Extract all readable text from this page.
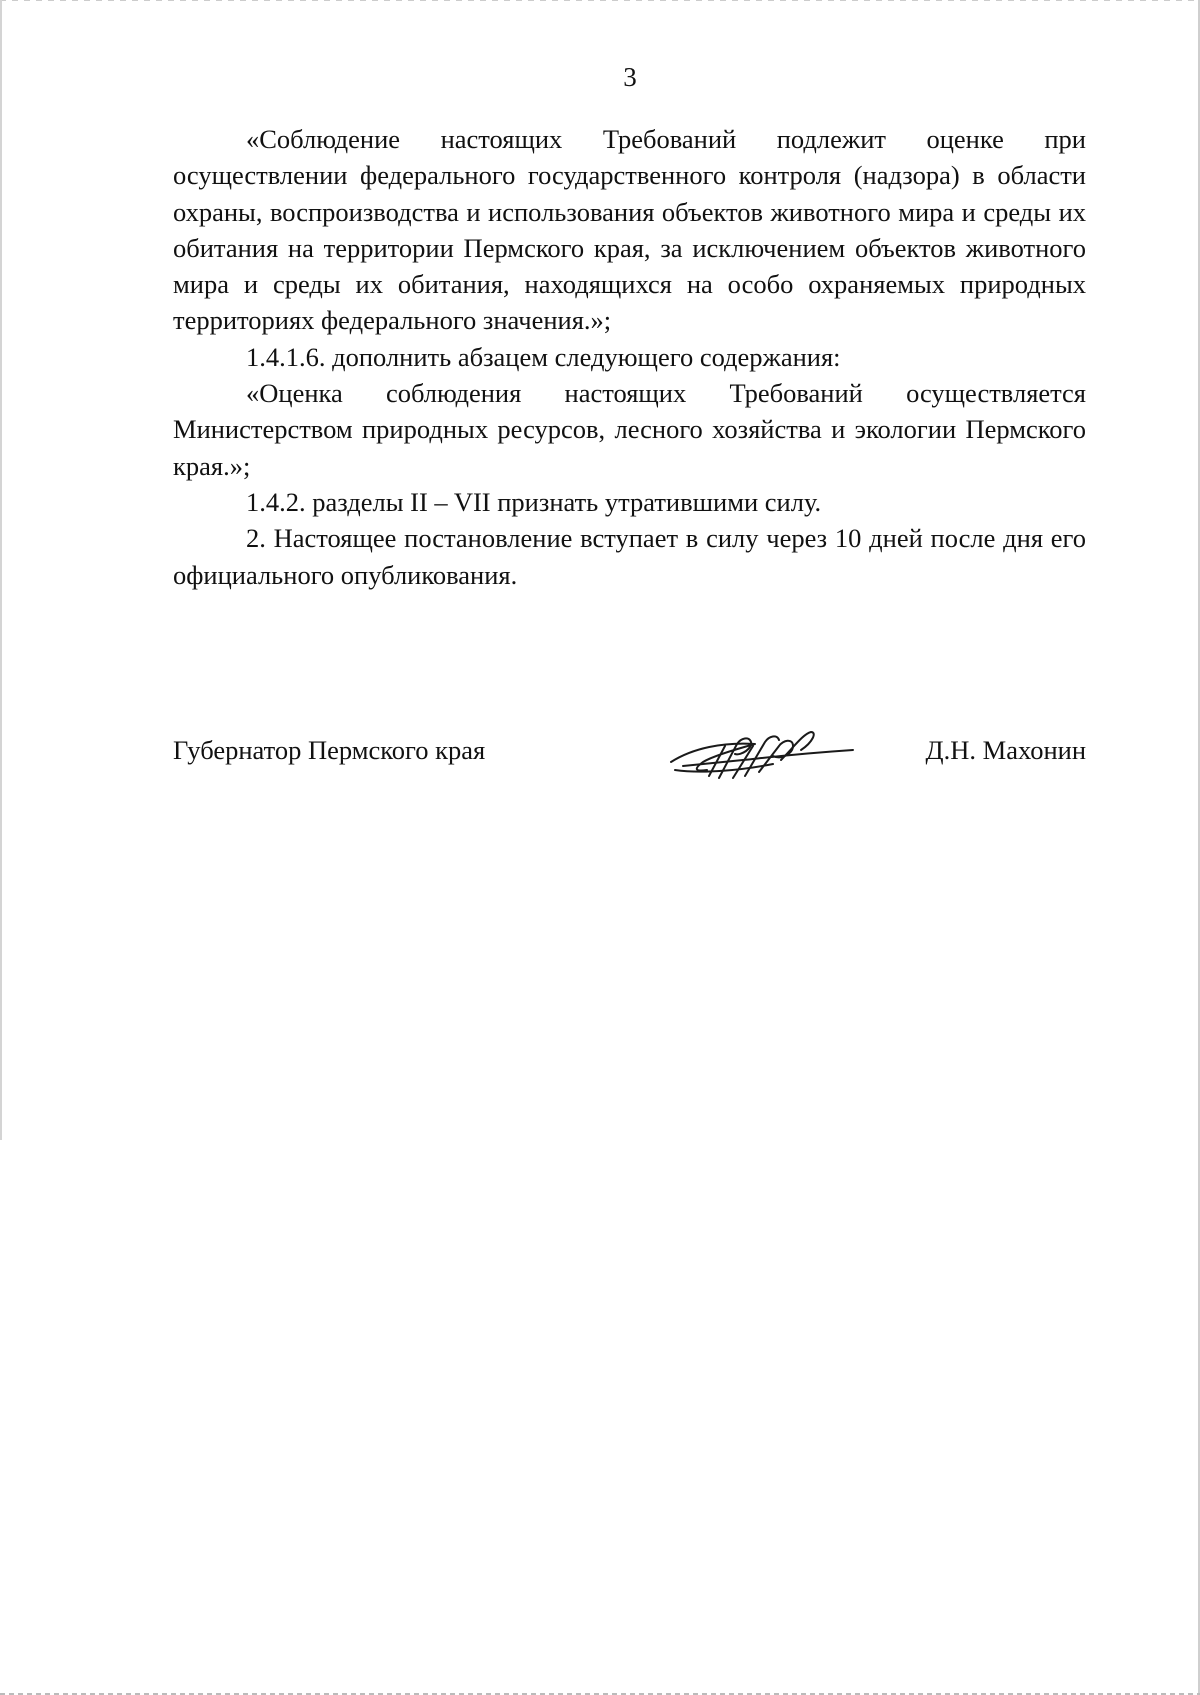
3

«Соблюдение настоящих Требований подлежит оценке при осуществлении федерального государственного контроля (надзора) в области охраны, воспроизводства и использования объектов животного мира и среды их обитания на территории Пермского края, за исключением объектов животного мира и среды их обитания, находящихся на особо охраняемых природных территориях федерального значения.»;

1.4.1.6. дополнить абзацем следующего содержания:

«Оценка соблюдения настоящих Требований осуществляется Министерством природных ресурсов, лесного хозяйства и экологии Пермского края.»;

1.4.2. разделы II – VII признать утратившими силу.

2. Настоящее постановление вступает в силу через 10 дней после дня его официального опубликования.

Губернатор Пермского края	Д.Н. Махонин
